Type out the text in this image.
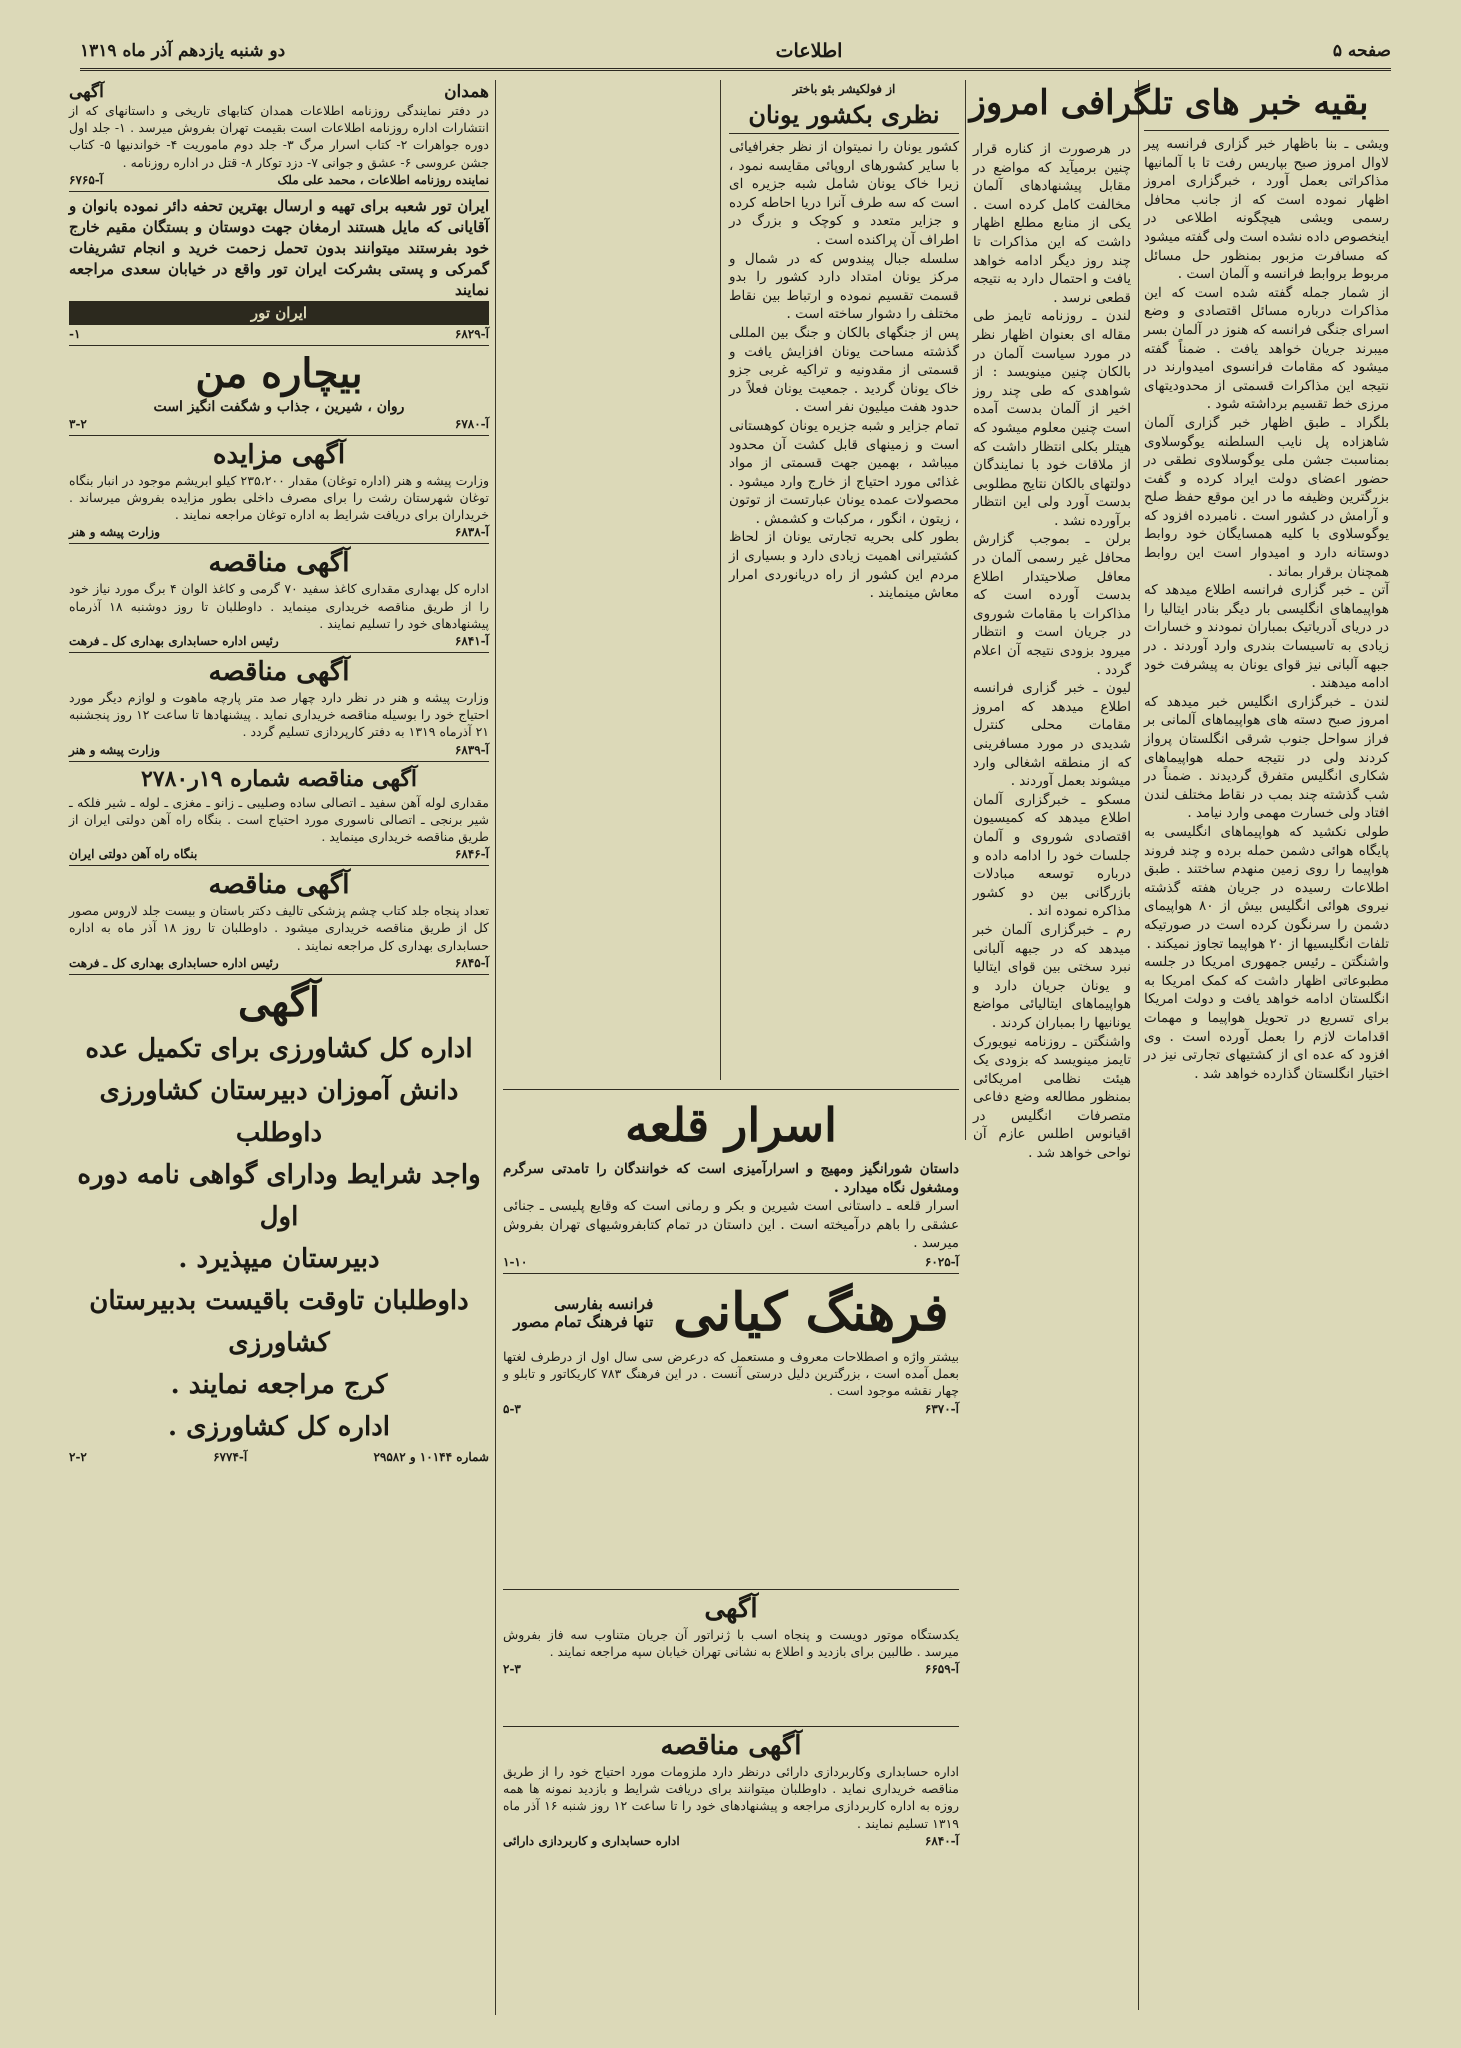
صفحه ۵
اطلاعات
دو شنبه یازدهم آذر ماه ۱۳۱۹
بقیه خبر های تلگرافی امروز

ویشی ـ بنا باظهار خبر گزاری فرانسه پیر لاوال امروز صبح بپاریس رفت تا با آلمانیها مذاکراتی بعمل آورد ، خبرگزاری امروز اظهار نموده است که از جانب محافل رسمی ویشی هیچگونه اطلاعی در اینخصوص داده نشده است ولی گفته میشود که مسافرت مزبور بمنظور حل مسائل مربوط بروابط فرانسه و آلمان است .

از شمار جمله گفته شده است که این مذاکرات درباره مسائل اقتصادی و وضع اسرای جنگی فرانسه که هنوز در آلمان بسر میبرند جریان خواهد یافت . ضمناً گفته میشود که مقامات فرانسوی امیدوارند در نتیجه این مذاکرات قسمتی از محدودیتهای مرزی خط تقسیم برداشته شود .

بلگراد ـ طبق اظهار خبر گزاری آلمان شاهزاده پل نایب السلطنه یوگوسلاوی بمناسبت جشن ملی یوگوسلاوی نطقی در حضور اعضای دولت ایراد کرده و گفت بزرگترین وظیفه ما در این موقع حفظ صلح و آرامش در کشور است . نامبرده افزود که یوگوسلاوی با کلیه همسایگان خود روابط دوستانه دارد و امیدوار است این روابط همچنان برقرار بماند .

آتن ـ خبر گزاری فرانسه اطلاع میدهد که هواپیماهای انگلیسی بار دیگر بنادر ایتالیا را در دریای آدریاتیک بمباران نمودند و خسارات زیادی به تاسیسات بندری وارد آوردند . در جبهه آلبانی نیز قوای یونان به پیشرفت خود ادامه میدهند .

لندن ـ خبرگزاری انگلیس خبر میدهد که امروز صبح دسته های هواپیماهای آلمانی بر فراز سواحل جنوب شرقی انگلستان پرواز کردند ولی در نتیجه حمله هواپیماهای شکاری انگلیس متفرق گردیدند . ضمناً در شب گذشته چند بمب در نقاط مختلف لندن افتاد ولی خسارت مهمی وارد نیامد .

طولی نکشید که هواپیماهای انگلیسی به پایگاه هوائی دشمن حمله برده و چند فروند هواپیما را روی زمین منهدم ساختند . طبق اطلاعات رسیده در جریان هفته گذشته نیروی هوائی انگلیس بیش از ۸۰ هواپیمای دشمن را سرنگون کرده است در صورتیکه تلفات انگلیسیها از ۲۰ هواپیما تجاوز نمیکند .

واشنگتن ـ رئیس جمهوری امریکا در جلسه مطبوعاتی اظهار داشت که کمک امریکا به انگلستان ادامه خواهد یافت و دولت امریکا برای تسریع در تحویل هواپیما و مهمات اقدامات لازم را بعمل آورده است . وی افزود که عده ای از کشتیهای تجارتی نیز در اختیار انگلستان گذارده خواهد شد .

در هرصورت از کناره قرار چنین برمیآید که مواضع در مقابل پیشنهادهای آلمان مخالفت کامل کرده است . یکی از منابع مطلع اظهار داشت که این مذاکرات تا چند روز دیگر ادامه خواهد یافت و احتمال دارد به نتیجه قطعی نرسد .

لندن ـ روزنامه تایمز طی مقاله ای بعنوان اظهار نظر در مورد سیاست آلمان در بالکان چنین مینویسد : از شواهدی که طی چند روز اخیر از آلمان بدست آمده است چنین معلوم میشود که هیتلر بکلی انتظار داشت که از ملاقات خود با نمایندگان دولتهای بالکان نتایج مطلوبی بدست آورد ولی این انتظار برآورده نشد .

برلن ـ بموجب گزارش محافل غیر رسمی آلمان در معافل صلاحیتدار اطلاع بدست آورده است که مذاکرات با مقامات شوروی در جریان است و انتظار میرود بزودی نتیجه آن اعلام گردد .

لیون ـ خبر گزاری فرانسه اطلاع میدهد که امروز مقامات محلی کنترل شدیدی در مورد مسافرینی که از منطقه اشغالی وارد میشوند بعمل آوردند .

مسکو ـ خبرگزاری آلمان اطلاع میدهد که کمیسیون اقتصادی شوروی و آلمان جلسات خود را ادامه داده و درباره توسعه مبادلات بازرگانی بین دو کشور مذاکره نموده اند .

رم ـ خبرگزاری آلمان خبر میدهد که در جبهه آلبانی نبرد سختی بین قوای ایتالیا و یونان جریان دارد و هواپیماهای ایتالیائی مواضع یونانیها را بمباران کردند .

واشنگتن ـ روزنامه نیویورک تایمز مینویسد که بزودی یک هیئت نظامی امریکائی بمنظور مطالعه وضع دفاعی متصرفات انگلیس در اقیانوس اطلس عازم آن نواحی خواهد شد .

از فولکیشر بئو باختر
نظری بکشور یونان

کشور یونان را نمیتوان از نظر جغرافیائی با سایر کشورهای اروپائی مقایسه نمود ، زیرا خاک یونان شامل شبه جزیره ای است که سه طرف آنرا دریا احاطه کرده و جزایر متعدد و کوچک و بزرگ در اطراف آن پراکنده است .

سلسله جبال پیندوس که در شمال و مرکز یونان امتداد دارد کشور را بدو قسمت تقسیم نموده و ارتباط بین نقاط مختلف را دشوار ساخته است .

پس از جنگهای بالکان و جنگ بین المللی گذشته مساحت یونان افزایش یافت و قسمتی از مقدونیه و تراکیه غربی جزو خاک یونان گردید . جمعیت یونان فعلاً در حدود هفت میلیون نفر است .

تمام جزایر و شبه جزیره یونان کوهستانی است و زمینهای قابل کشت آن محدود میباشد ، بهمین جهت قسمتی از مواد غذائی مورد احتیاج از خارج وارد میشود . محصولات عمده یونان عبارتست از توتون ، زیتون ، انگور ، مرکبات و کشمش .

بطور کلی بحریه تجارتی یونان از لحاظ کشتیرانی اهمیت زیادی دارد و بسیاری از مردم این کشور از راه دریانوردی امرار معاش مینمایند .

اسرار قلعه

داستان شورانگیز ومهیج و اسرارآمیزی است که خوانندگان را تامدتی سرگرم ومشغول نگاه میدارد .

اسرار قلعه ـ داستانی است شیرین و بکر و رمانی است که وقایع پلیسی ـ جنائی عشقی را باهم درآمیخته است . این داستان در تمام کتابفروشیهای تهران بفروش میرسد .

آ-۶۰۲۵
۱-۱۰
فرهنگ کیانی
فرانسه بفارسی
تنها فرهنگ تمام مصور

بیشتر واژه و اصطلاحات معروف و مستعمل که درعرض سی سال اول از درطرف لغتها بعمل آمده است ، بزرگترین دلیل درستی آنست . در این فرهنگ ۷۸۳ کاریکاتور و تابلو و چهار نقشه موجود است .

آ-۶۳۷۰
۵-۳
آگهی

یکدستگاه موتور دویست و پنجاه اسب با ژنراتور آن جریان متناوب سه فاز بفروش میرسد . طالبین برای بازدید و اطلاع به نشانی تهران خیابان سپه مراجعه نمایند .

آ-۶۶۵۹
۲-۳
آگهی مناقصه

اداره حسابداری وکاربردازی دارائی درنظر دارد ملزومات مورد احتیاج خود را از طریق مناقصه خریداری نماید . داوطلبان میتوانند برای دریافت شرایط و بازدید نمونه ها همه روزه به اداره کاربردازی مراجعه و پیشنهادهای خود را تا ساعت ۱۲ روز شنبه ۱۶ آذر ماه ۱۳۱۹ تسلیم نمایند .

آ-۶۸۴۰
اداره حسابداری و کاربردازی دارائی
همدان
آگهی

در دفتر نمایندگی روزنامه اطلاعات همدان کتابهای تاریخی و داستانهای که از انتشارات اداره روزنامه اطلاعات است بقیمت تهران بفروش میرسد . ۱- جلد اول دوره جواهرات ۲- کتاب اسرار مرگ ۳- جلد دوم ماموریت ۴- خواندنیها ۵- کتاب جشن عروسی ۶- عشق و جوانی ۷- دزد توکار ۸- قتل در اداره روزنامه .

نماینده روزنامه اطلاعات ، محمد علی ملک
آ-۶۷۶۵

ایران تور شعبه برای تهیه و ارسال بهترین تحفه دائر نموده بانوان و آقایانی که مایل هستند ارمغان جهت دوستان و بستگان مقیم خارج خود بفرستند میتوانند بدون تحمل زحمت خرید و انجام تشریفات گمرکی و پستی بشرکت ایران تور واقع در خیابان سعدی مراجعه نمایند

ایران تور
آ-۶۸۲۹
۱-
بیچاره من
روان ، شیرین ، جذاب و شگفت انگیز است
آ-۶۷۸۰
۳-۲
آگهی مزایده

وزارت پیشه و هنر (اداره توغان) مقدار ۲۳۵،۲۰۰ کیلو ابریشم موجود در انبار بنگاه توغان شهرستان رشت را برای مصرف داخلی بطور مزایده بفروش میرساند . خریداران برای دریافت شرایط به اداره توغان مراجعه نمایند .

آ-۶۸۳۸
وزارت پیشه و هنر
آگهی مناقصه

اداره کل بهداری مقداری کاغذ سفید ۷۰ گرمی و کاغذ الوان ۴ برگ مورد نیاز خود را از طریق مناقصه خریداری مینماید . داوطلبان تا روز دوشنبه ۱۸ آذرماه پیشنهادهای خود را تسلیم نمایند .

آ-۶۸۴۱
رئیس اداره حسابداری بهداری کل ـ فرهت
آگهی مناقصه

وزارت پیشه و هنر در نظر دارد چهار صد متر پارچه ماهوت و لوازم دیگر مورد احتیاج خود را بوسیله مناقصه خریداری نماید . پیشنهادها تا ساعت ۱۲ روز پنجشنبه ۲۱ آذرماه ۱۳۱۹ به دفتر کارپردازی تسلیم گردد .

آ-۶۸۳۹
وزارت پیشه و هنر
آگهی مناقصه شماره ۱۹ر۲۷۸۰

مقداری لوله آهن سفید ـ اتصالی ساده وصلیبی ـ زانو ـ مغزی ـ لوله ـ شیر فلکه ـ شیر برنجی ـ اتصالی ناسوری مورد احتیاج است . بنگاه راه آهن دولتی ایران از طریق مناقصه خریداری مینماید .

آ-۶۸۴۶
بنگاه راه آهن دولتی ایران
آگهی مناقصه

تعداد پنجاه جلد کتاب چشم پزشکی تالیف دکتر باستان و بیست جلد لاروس مصور کل از طریق مناقصه خریداری میشود . داوطلبان تا روز ۱۸ آذر ماه به اداره حسابداری بهداری کل مراجعه نمایند .

آ-۶۸۴۵
رئیس اداره حسابداری بهداری کل ـ فرهت
آگهی

اداره کل کشاورزی برای تکمیل عده

دانش آموزان دبیرستان کشاورزی داوطلب

واجد شرایط ودارای گواهی نامه دوره اول

دبیرستان میپذیرد .

داوطلبان تاوقت باقیست بدبیرستان کشاورزی

کرج مراجعه نمایند .

اداره کل کشاورزی .

شماره ۱۰۱۴۴ و ۲۹۵۸۲
آ-۶۷۷۴
۲-۲
